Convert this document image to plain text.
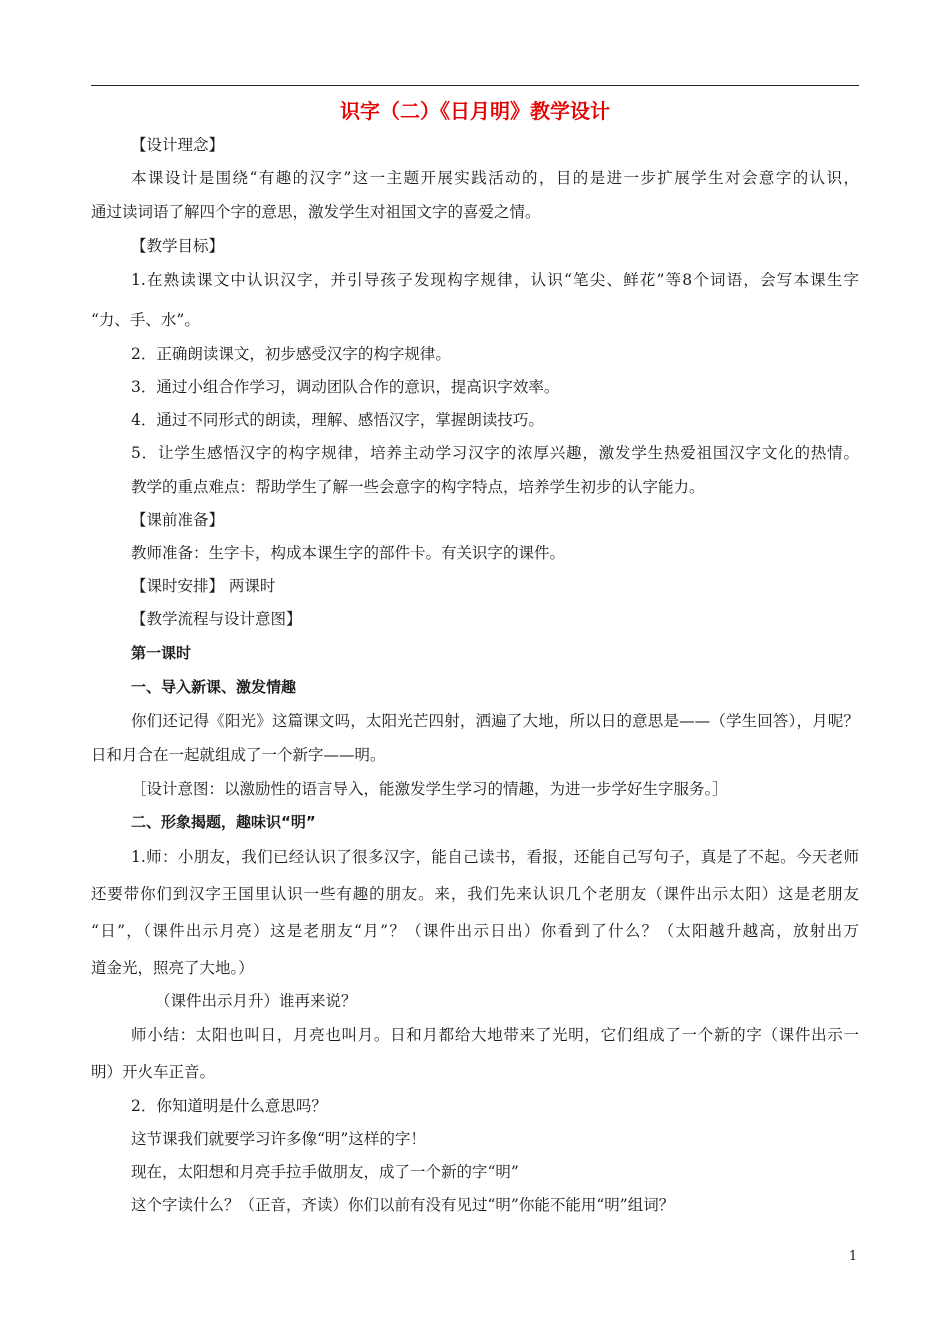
识字（二）《日月明》教学设计
【设计理念】
本课设计是围绕“有趣的汉字”这一主题开展实践活动的，目的是进一步扩展学生对会意字的认识，
通过读词语了解四个字的意思，激发学生对祖国文字的喜爱之情。
【教学目标】
1.在熟读课文中认识汉字，并引导孩子发现构字规律，认识“笔尖、鲜花”等8个词语，会写本课生字
“力、手、水”。
2．正确朗读课文，初步感受汉字的构字规律。
3．通过小组合作学习，调动团队合作的意识，提高识字效率。
4．通过不同形式的朗读，理解、感悟汉字，掌握朗读技巧。
5．让学生感悟汉字的构字规律，培养主动学习汉字的浓厚兴趣，激发学生热爱祖国汉字文化的热情。
教学的重点难点：帮助学生了解一些会意字的构字特点，培养学生初步的认字能力。
【课前准备】
教师准备：生字卡，构成本课生字的部件卡。有关识字的课件。
【课时安排】 两课时
【教学流程与设计意图】
第一课时
一、导入新课、激发情趣
你们还记得《阳光》这篇课文吗，太阳光芒四射，洒遍了大地，所以日的意思是——（学生回答），月呢？
日和月合在一起就组成了一个新字——明。
［设计意图：以激励性的语言导入，能激发学生学习的情趣，为进一步学好生字服务。］
二、形象揭题，趣味识“明”
1.师：小朋友，我们已经认识了很多汉字，能自己读书，看报，还能自己写句子，真是了不起。今天老师
还要带你们到汉字王国里认识一些有趣的朋友。来，我们先来认识几个老朋友（课件出示太阳）这是老朋友
“日”，（课件出示月亮）这是老朋友“月”？（课件出示日出）你看到了什么？（太阳越升越高，放射出万
道金光，照亮了大地。）
（课件出示月升）谁再来说？
师小结：太阳也叫日，月亮也叫月。日和月都给大地带来了光明，它们组成了一个新的字（课件出示一
明）开火车正音。
2．你知道明是什么意思吗？
这节课我们就要学习许多像“明”这样的字！
现在，太阳想和月亮手拉手做朋友，成了一个新的字“明”
这个字读什么？（正音，齐读）你们以前有没有见过“明”你能不能用“明”组词？
1
